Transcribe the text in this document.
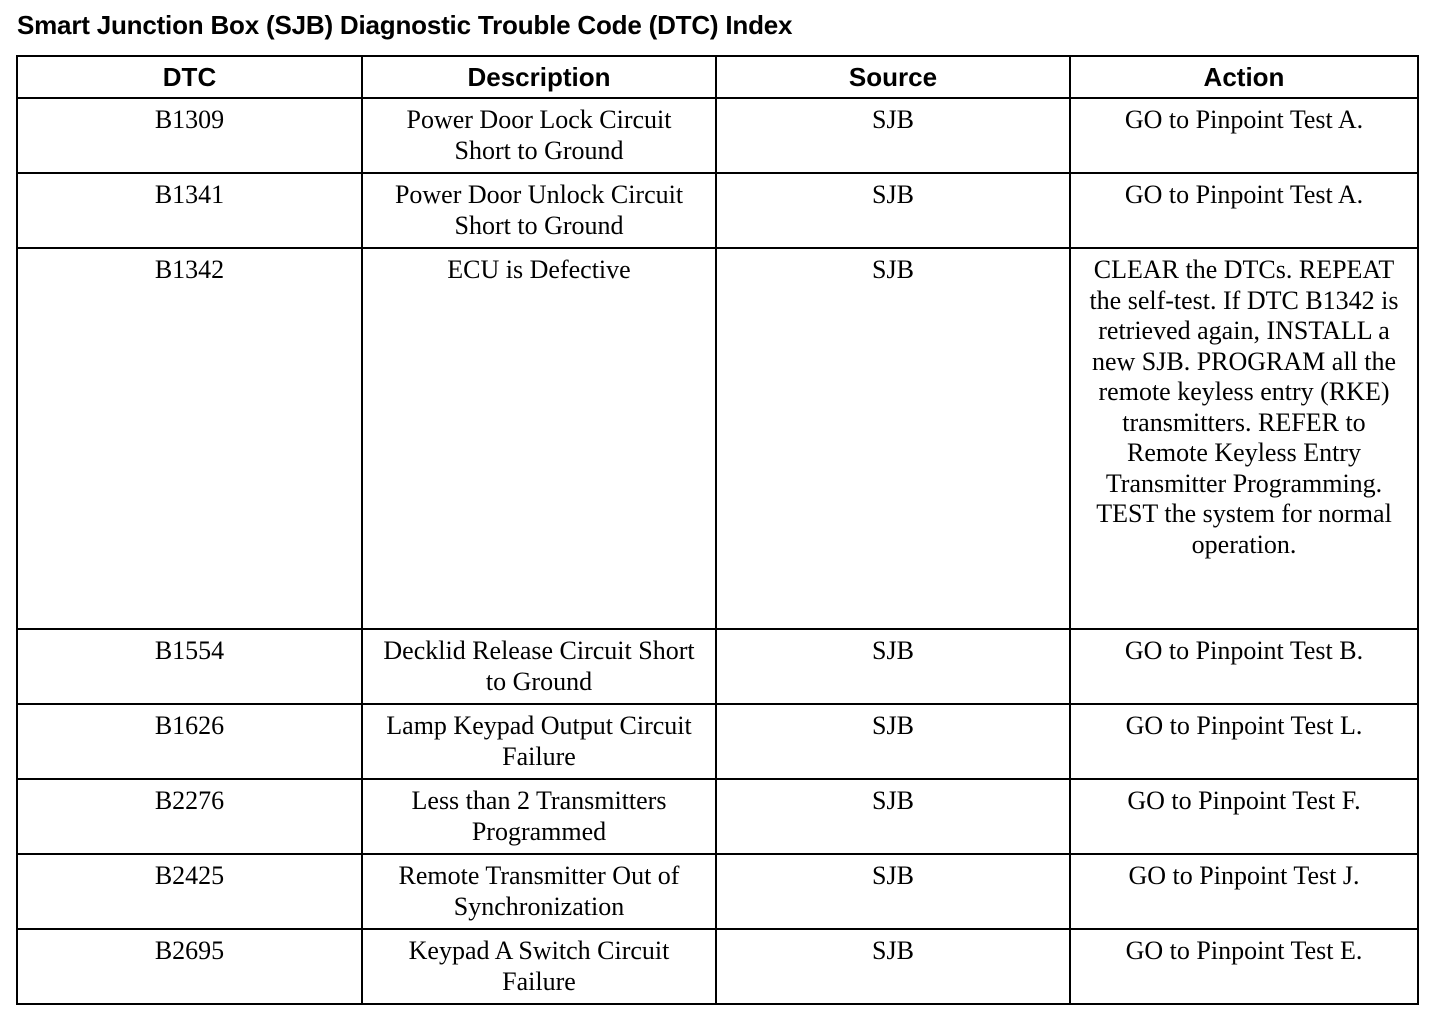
Smart Junction Box (SJB) Diagnostic Trouble Code (DTC) Index
DTC	Description	Source	Action
B1309	Power Door Lock Circuit Short to Ground	SJB	GO to Pinpoint Test A.

B1341	Power Door Unlock Circuit Short to Ground	SJB	GO to Pinpoint Test A.

B1342	ECU is Defective	SJB	CLEAR the DTCs. REPEAT the self-test. If DTC B1342 is retrieved again, INSTALL a new SJB. PROGRAM all the remote keyless entry (RKE) transmitters. REFER to Remote Keyless Entry Transmitter Programming. TEST the system for normal operation.

B1554	Decklid Release Circuit Short to Ground	SJB	GO to Pinpoint Test B.

B1626	Lamp Keypad Output Circuit Failure	SJB	GO to Pinpoint Test L.

B2276	Less than 2 Transmitters Programmed	SJB	GO to Pinpoint Test F.

B2425	Remote Transmitter Out of Synchronization	SJB	GO to Pinpoint Test J.

B2695	Keypad A Switch Circuit Failure	SJB	GO to Pinpoint Test E.
